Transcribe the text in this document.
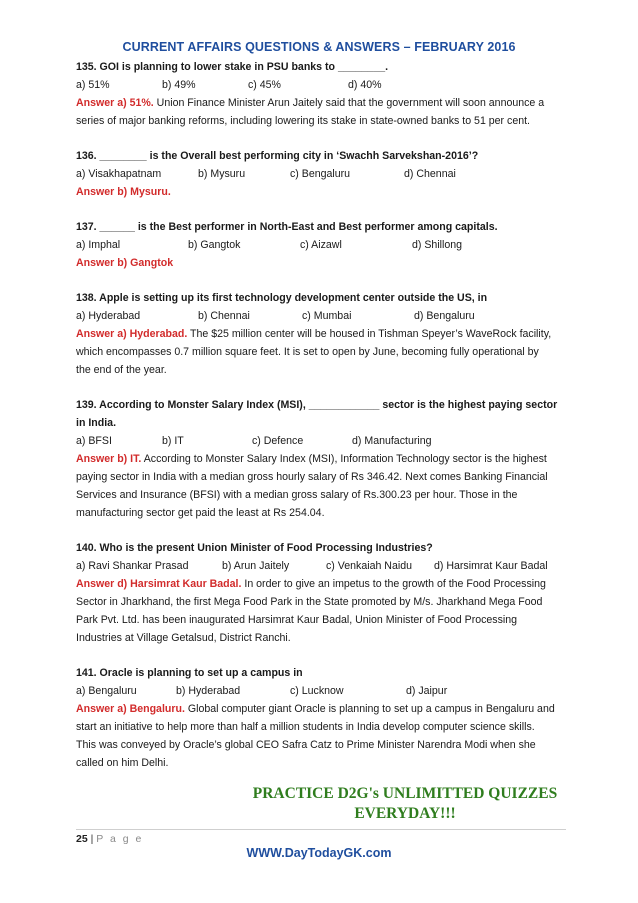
CURRENT AFFAIRS QUESTIONS & ANSWERS – FEBRUARY 2016
135. GOI is planning to lower stake in PSU banks to ________.
a) 51%	b) 49%	c) 45%	d) 40%
Answer a) 51%. Union Finance Minister Arun Jaitely said that the government will soon announce a
series of major banking reforms, including lowering its stake in state-owned banks to 51 per cent.
136. ________ is the Overall best performing city in ‘Swachh Sarvekshan-2016’?
a) Visakhapatnam	b) Mysuru	c) Bengaluru	d) Chennai
Answer b) Mysuru.
137. ______ is the Best performer in North-East and Best performer among capitals.
a) Imphal	b) Gangtok	c) Aizawl	d) Shillong
Answer b) Gangtok
138. Apple is setting up its first technology development center outside the US, in
a) Hyderabad	b) Chennai	c) Mumbai	d) Bengaluru
Answer a) Hyderabad. The $25 million center will be housed in Tishman Speyer’s WaveRock facility,
which encompasses 0.7 million square feet. It is set to open by June, becoming fully operational by
the end of the year.
139. According to Monster Salary Index (MSI), ____________ sector is the highest paying sector in India.
a) BFSI	b) IT	c) Defence	d) Manufacturing
Answer b) IT. According to Monster Salary Index (MSI), Information Technology sector is the highest
paying sector in India with a median gross hourly salary of Rs 346.42. Next comes Banking Financial
Services and Insurance (BFSI) with a median gross salary of Rs.300.23 per hour. Those in the
manufacturing sector get paid the least at Rs 254.04.
140. Who is the present Union Minister of Food Processing Industries?
a) Ravi Shankar Prasad	b) Arun Jaitely	c) Venkaiah Naidu d) Harsimrat Kaur Badal
Answer d) Harsimrat Kaur Badal. In order to give an impetus to the growth of the Food Processing
Sector in Jharkhand, the first Mega Food Park in the State promoted by M/s. Jharkhand Mega Food
Park Pvt. Ltd. has been inaugurated Harsimrat Kaur Badal, Union Minister of Food Processing
Industries at Village Getalsud, District Ranchi.
141. Oracle is planning to set up a campus in
a) Bengaluru	b) Hyderabad	c) Lucknow	d) Jaipur
Answer a) Bengaluru. Global computer giant Oracle is planning to set up a campus in Bengaluru and
start an initiative to help more than half a million students in India develop computer science skills.
This was conveyed by Oracle’s global CEO Safra Catz to Prime Minister Narendra Modi when she
called on him Delhi.
PRACTICE D2G's UNLIMITTED QUIZZES
EVERYDAY!!!
25 | P a g e
WWW.DayTodayGK.com
